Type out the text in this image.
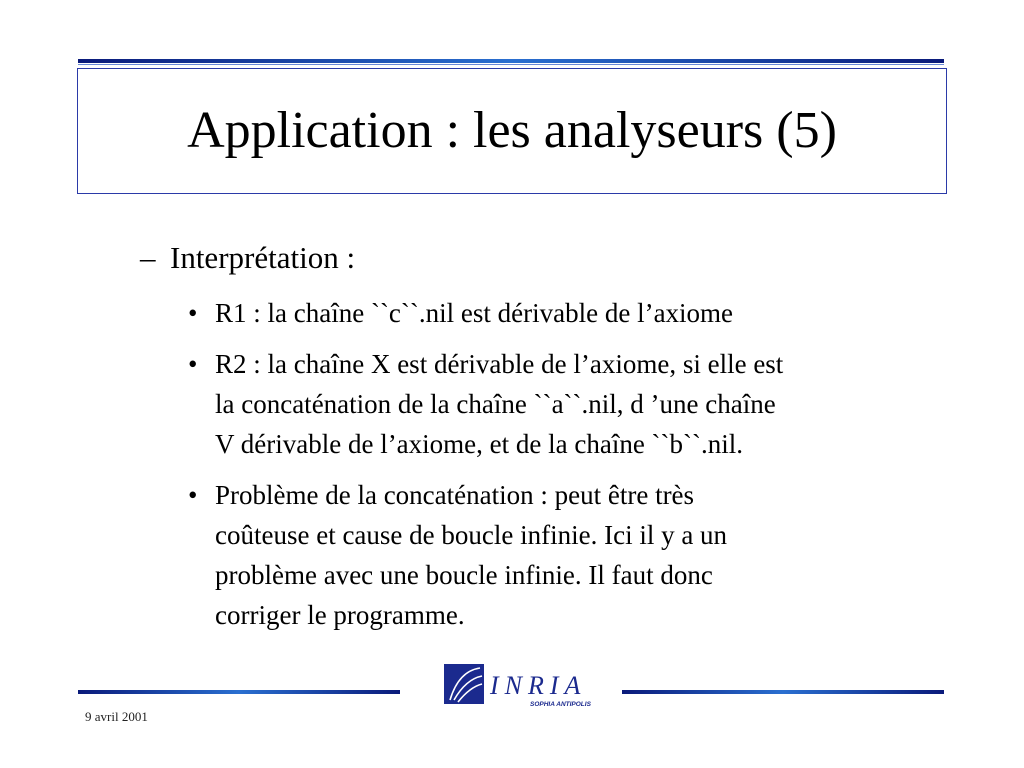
Application : les analyseurs (5)
– Interprétation :
• R1 : la chaîne ``c``.nil est dérivable de l’axiome
• R2 : la chaîne X est dérivable de l’axiome, si elle est
la concaténation de la chaîne ``a``.nil, d ’une chaîne
V dérivable de l’axiome, et de la chaîne ``b``.nil.
• Problème de la concaténation : peut être très
coûteuse et cause de boucle infinie. Ici il y a un
problème avec une boucle infinie. Il faut donc
corriger le programme.
INRIA
SOPHIA ANTIPOLIS
9 avril 2001
